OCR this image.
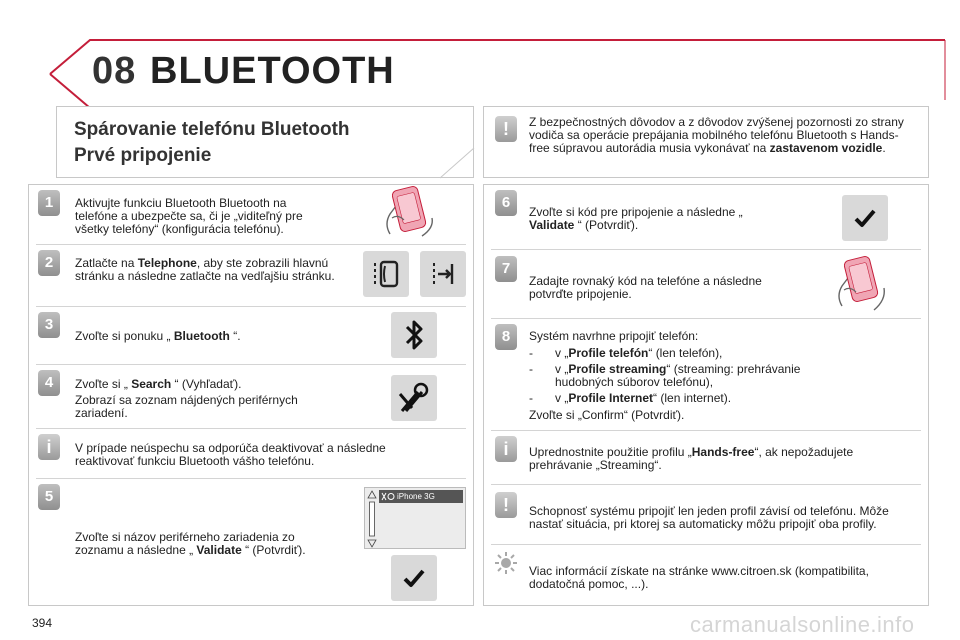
08 BLUETOOTH
Spárovanie telefónu Bluetooth
Prvé pripojenie
!	Z bezpečnostných dôvodov a z dôvodov zvýšenej pozornosti zo strany vodiča sa operácie prepájania mobilného telefónu Bluetooth s Hands-free súpravou autorádia musia vykonávať na zastavenom vozidle.
1	Aktivujte funkciu Bluetooth Bluetooth na telefóne a ubezpečte sa, či je „viditeľný pre všetky telefóny“ (konfigurácia telefónu).
2	Zatlačte na Telephone, aby ste zobrazili hlavnú stránku a následne zatlačte na vedľajšiu stránku.
3
Zvoľte si ponuku „ Bluetooth “.
4	Zvoľte si „ Search “ (Vyhľadať).

Zobrazí sa zoznam nájdených periférnych zariadení.

i	V prípade neúspechu sa odporúča deaktivovať a následne reaktivovať funkciu Bluetooth vášho telefónu.
5
Zvoľte si názov periférneho zariadenia zo zoznamu a následne „ Validate “ (Potvrdiť).
iPhone 3G
6
Zvoľte si kód pre pripojenie a následne „ Validate “ (Potvrdiť).
7
Zadajte rovnaký kód na telefóne a následne potvrďte pripojenie.
8	Systém navrhne pripojiť telefón:

- v „Profile telefón“ (len telefón),
- v „Profile streaming“ (streaming: prehrávanie hudobných súborov telefónu),
- v „Profile Internet“ (len internet).

Zvoľte si „Confirm“ (Potvrdiť).

i	Uprednostnite použitie profilu „Hands-free“, ak nepožadujete prehrávanie „Streaming“.
!	Schopnosť systému pripojiť len jeden profil závisí od telefónu. Môže nastať situácia, pri ktorej sa automaticky môžu pripojiť oba profily.
Viac informácií získate na stránke www.citroen.sk (kompatibilita, dodatočná pomoc, ...).
394	carmanualsonline.info
